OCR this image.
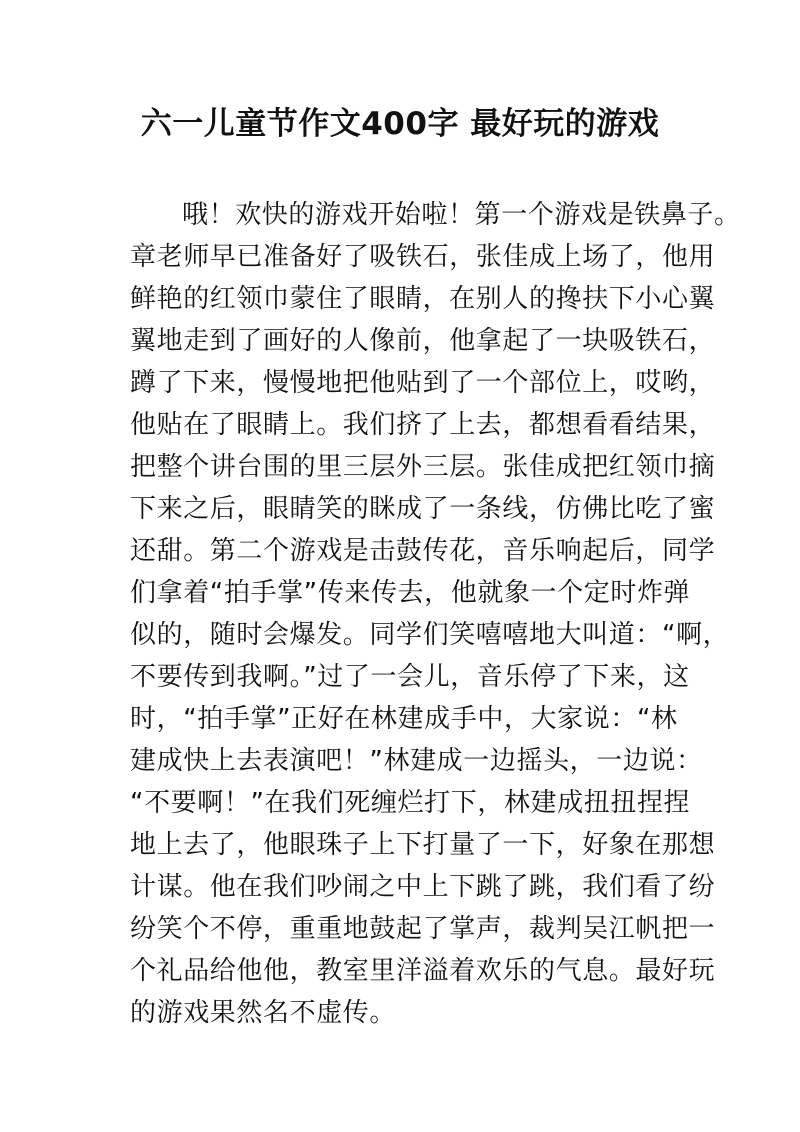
六一儿童节作文400字 最好玩的游戏
哦！欢快的游戏开始啦！第一个游戏是铁鼻子。
章老师早已准备好了吸铁石，张佳成上场了，他用
鲜艳的红领巾蒙住了眼睛，在别人的搀扶下小心翼
翼地走到了画好的人像前，他拿起了一块吸铁石，
蹲了下来，慢慢地把他贴到了一个部位上，哎哟，
他贴在了眼睛上。我们挤了上去，都想看看结果，
把整个讲台围的里三层外三层。张佳成把红领巾摘
下来之后，眼睛笑的眯成了一条线，仿佛比吃了蜜
还甜。第二个游戏是击鼓传花，音乐响起后，同学
们拿着“拍手掌”传来传去，他就象一个定时炸弹
似的，随时会爆发。同学们笑嘻嘻地大叫道：“啊，
不要传到我啊。”过了一会儿，音乐停了下来，这
时，“拍手掌”正好在林建成手中，大家说：“林
建成快上去表演吧！”林建成一边摇头，一边说：
“不要啊！”在我们死缠烂打下，林建成扭扭捏捏
地上去了，他眼珠子上下打量了一下，好象在那想
计谋。他在我们吵闹之中上下跳了跳，我们看了纷
纷笑个不停，重重地鼓起了掌声，裁判吴江帆把一
个礼品给他他，教室里洋溢着欢乐的气息。最好玩
的游戏果然名不虚传。
